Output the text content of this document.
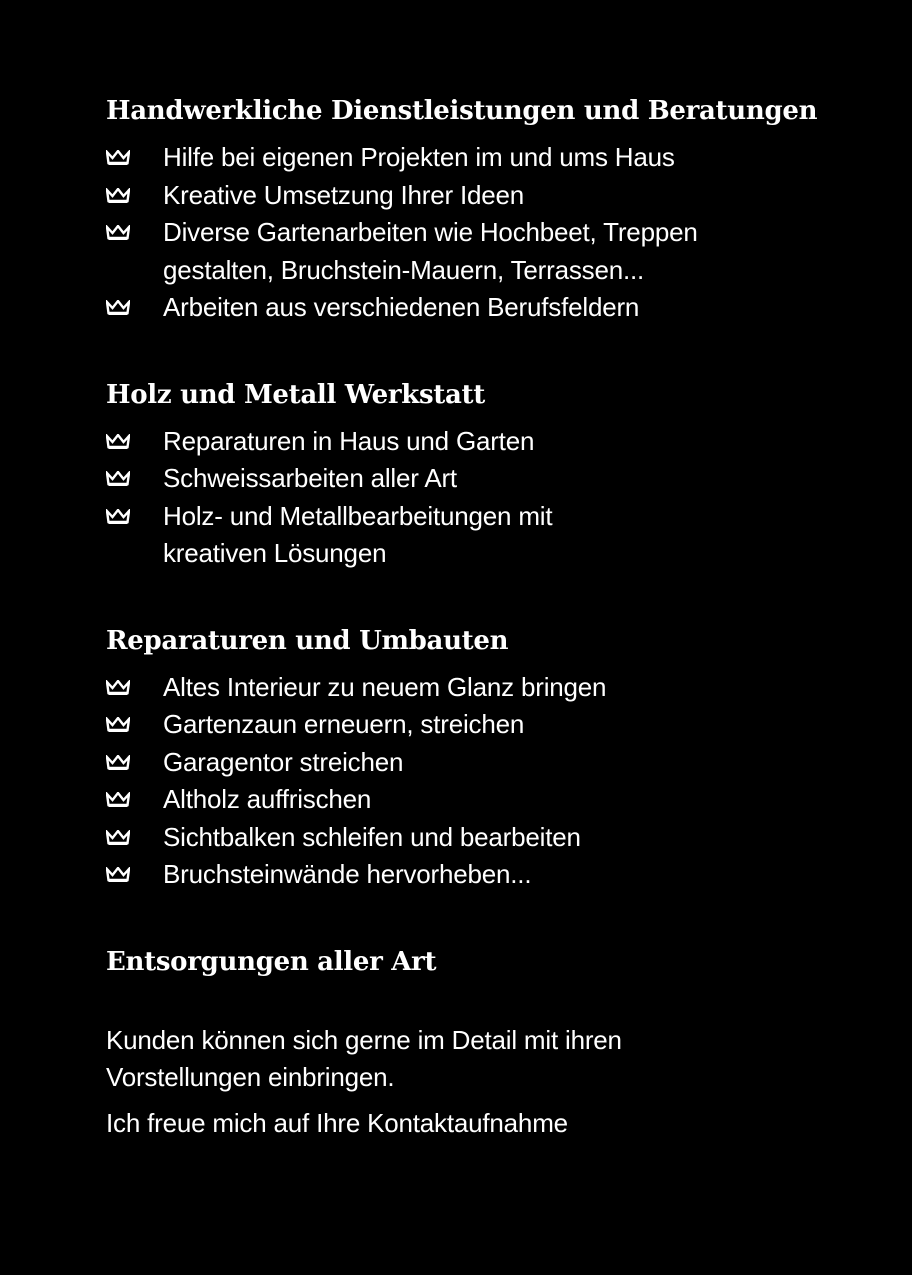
Handwerkliche Dienstleistungen und Beratungen
Hilfe bei eigenen Projekten im und ums Haus
Kreative Umsetzung Ihrer Ideen
Diverse Gartenarbeiten wie Hochbeet, Treppen
gestalten, Bruchstein-Mauern, Terrassen...
Arbeiten aus verschiedenen Berufsfeldern
Holz und Metall Werkstatt
Reparaturen in Haus und Garten
Schweissarbeiten aller Art
Holz- und Metallbearbeitungen mit
kreativen Lösungen
Reparaturen und Umbauten
Altes Interieur zu neuem Glanz bringen
Gartenzaun erneuern, streichen
Garagentor streichen
Altholz auffrischen
Sichtbalken schleifen und bearbeiten
Bruchsteinwände hervorheben...
Entsorgungen aller Art

Kunden können sich gerne im Detail mit ihren
Vorstellungen einbringen.

Ich freue mich auf Ihre Kontaktaufnahme
